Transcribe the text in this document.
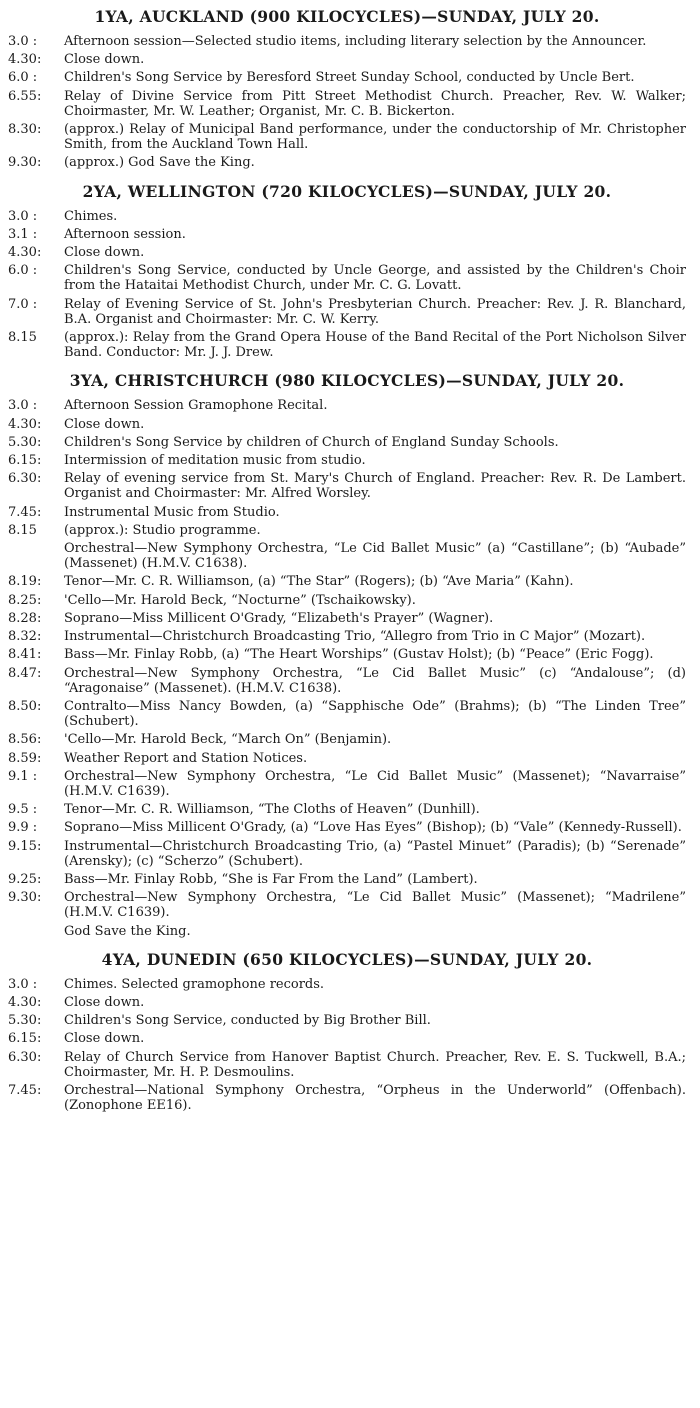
1YA, AUCKLAND (900 KILOCYCLES)—SUNDAY, JULY 20.
3.0 :	Afternoon session—Selected studio items, including literary selection by the Announcer.
4.30:	Close down.
6.0 :	Children's Song Service by Beresford Street Sunday School, conducted by Uncle Bert.
6.55:	Relay of Divine Service from Pitt Street Methodist Church. Preacher, Rev. W. Walker; Choirmaster, Mr. W. Leather; Organist, Mr. C. B. Bickerton.
8.30:	(approx.) Relay of Municipal Band performance, under the conductorship of Mr. Christopher Smith, from the Auckland Town Hall.
9.30:	(approx.) God Save the King.
2YA, WELLINGTON (720 KILOCYCLES)—SUNDAY, JULY 20.
3.0 :	Chimes.
3.1 :	Afternoon session.
4.30:	Close down.
6.0 :	Children's Song Service, conducted by Uncle George, and assisted by the Children's Choir from the Hataitai Methodist Church, under Mr. C. G. Lovatt.
7.0 :	Relay of Evening Service of St. John's Presbyterian Church. Preacher: Rev. J. R. Blanchard, B.A. Organist and Choirmaster: Mr. C. W. Kerry.
8.15	(approx.): Relay from the Grand Opera House of the Band Recital of the Port Nicholson Silver Band. Conductor: Mr. J. J. Drew.
3YA, CHRISTCHURCH (980 KILOCYCLES)—SUNDAY, JULY 20.
3.0 :	Afternoon Session Gramophone Recital.
4.30:	Close down.
5.30:	Children's Song Service by children of Church of England Sunday Schools.
6.15:	Intermission of meditation music from studio.
6.30:	Relay of evening service from St. Mary's Church of England. Preacher: Rev. R. De Lambert. Organist and Choirmaster: Mr. Alfred Worsley.
7.45:	Instrumental Music from Studio.
8.15	(approx.): Studio programme.
Orchestral—New Symphony Orchestra, “Le Cid Ballet Music” (a) “Castillane”; (b) “Aubade” (Massenet) (H.M.V. C1638).
8.19:	Tenor—Mr. C. R. Williamson, (a) “The Star” (Rogers); (b) “Ave Maria” (Kahn).
8.25:	'Cello—Mr. Harold Beck, “Nocturne” (Tschaikowsky).
8.28:	Soprano—Miss Millicent O'Grady, “Elizabeth's Prayer” (Wagner).
8.32:	Instrumental—Christchurch Broadcasting Trio, “Allegro from Trio in C Major” (Mozart).
8.41:	Bass—Mr. Finlay Robb, (a) “The Heart Worships” (Gustav Holst); (b) “Peace” (Eric Fogg).
8.47:	Orchestral—New Symphony Orchestra, “Le Cid Ballet Music” (c) “Andalouse”; (d) “Aragonaise” (Massenet). (H.M.V. C1638).
8.50:	Contralto—Miss Nancy Bowden, (a) “Sapphische Ode” (Brahms); (b) “The Linden Tree” (Schubert).
8.56:	'Cello—Mr. Harold Beck, “March On” (Benjamin).
8.59:	Weather Report and Station Notices.
9.1 :	Orchestral—New Symphony Orchestra, “Le Cid Ballet Music” (Massenet); “Navarraise” (H.M.V. C1639).
9.5 :	Tenor—Mr. C. R. Williamson, “The Cloths of Heaven” (Dunhill).
9.9 :	Soprano—Miss Millicent O'Grady, (a) “Love Has Eyes” (Bishop); (b) “Vale” (Kennedy-Russell).
9.15:	Instrumental—Christchurch Broadcasting Trio, (a) “Pastel Minuet” (Paradis); (b) “Serenade” (Arensky); (c) “Scherzo” (Schubert).
9.25:	Bass—Mr. Finlay Robb, “She is Far From the Land” (Lambert).
9.30:	Orchestral—New Symphony Orchestra, “Le Cid Ballet Music” (Massenet); “Madrilene” (H.M.V. C1639).
God Save the King.
4YA, DUNEDIN (650 KILOCYCLES)—SUNDAY, JULY 20.
3.0 :	Chimes. Selected gramophone records.
4.30:	Close down.
5.30:	Children's Song Service, conducted by Big Brother Bill.
6.15:	Close down.
6.30:	Relay of Church Service from Hanover Baptist Church. Preacher, Rev. E. S. Tuckwell, B.A.; Choirmaster, Mr. H. P. Desmoulins.
7.45:	Orchestral—National Symphony Orchestra, “Orpheus in the Underworld” (Offenbach). (Zonophone EE16).
